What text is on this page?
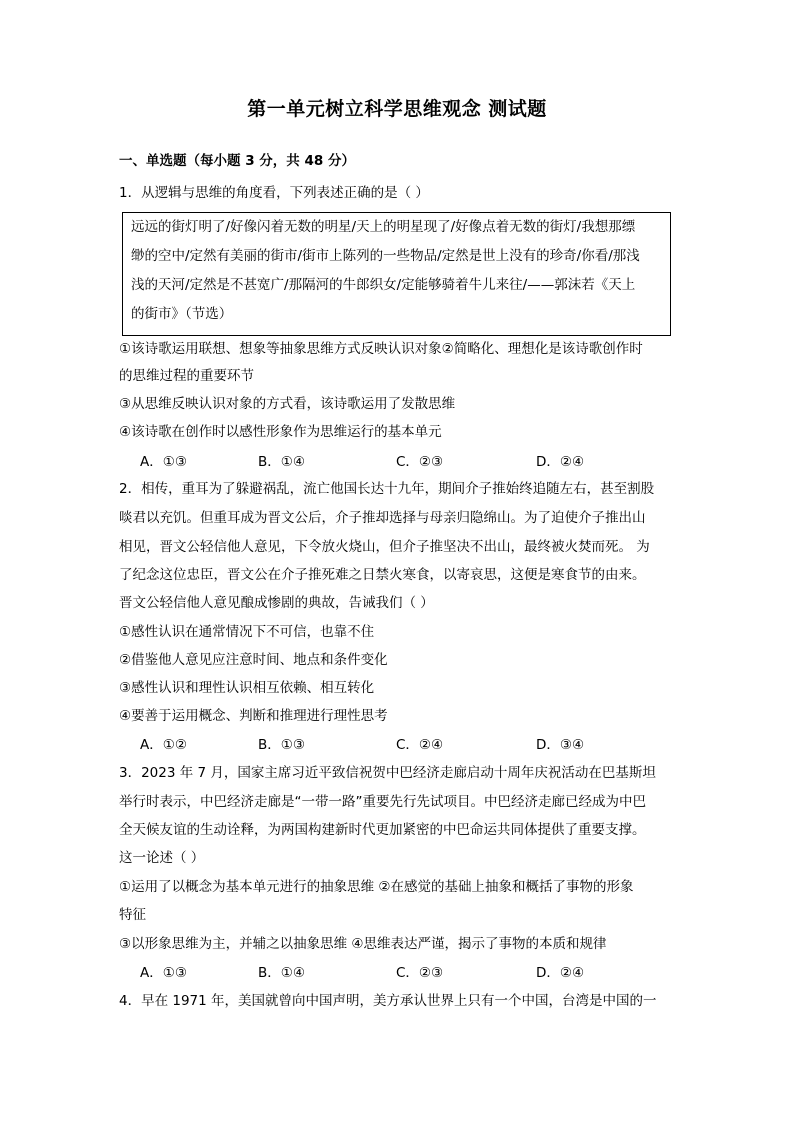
第一单元树立科学思维观念 测试题
一、单选题（每小题 3 分，共 48 分）
1．从逻辑与思维的角度看，下列表述正确的是（ ）
远远的街灯明了/好像闪着无数的明星/天上的明星现了/好像点着无数的街灯/我想那缥
缈的空中/定然有美丽的街市/街市上陈列的一些物品/定然是世上没有的珍奇/你看/那浅
浅的天河/定然是不甚宽广/那隔河的牛郎织女/定能够骑着牛儿来往/——郭沫若《天上
的街市》（节选）
①该诗歌运用联想、想象等抽象思维方式反映认识对象②简略化、理想化是该诗歌创作时
的思维过程的重要环节
③从思维反映认识对象的方式看，该诗歌运用了发散思维
④该诗歌在创作时以感性形象作为思维运行的基本单元
A．①③	B．①④	C．②③	D．②④
2．相传，重耳为了躲避祸乱，流亡他国长达十九年，期间介子推始终追随左右，甚至割股
啖君以充饥。但重耳成为晋文公后，介子推却选择与母亲归隐绵山。为了迫使介子推出山
相见，晋文公轻信他人意见，下令放火烧山，但介子推坚决不出山，最终被火焚而死。 为
了纪念这位忠臣，晋文公在介子推死难之日禁火寒食，以寄哀思，这便是寒食节的由来。
晋文公轻信他人意见酿成惨剧的典故，告诫我们（ ）
①感性认识在通常情况下不可信，也靠不住
②借鉴他人意见应注意时间、地点和条件变化
③感性认识和理性认识相互依赖、相互转化
④要善于运用概念、判断和推理进行理性思考
A．①②	B．①③	C．②④	D．③④
3．2023 年 7 月，国家主席习近平致信祝贺中巴经济走廊启动十周年庆祝活动在巴基斯坦
举行时表示，中巴经济走廊是“一带一路”重要先行先试项目。中巴经济走廊已经成为中巴
全天候友谊的生动诠释，为两国构建新时代更加紧密的中巴命运共同体提供了重要支撑。
这一论述（ ）
①运用了以概念为基本单元进行的抽象思维 ②在感觉的基础上抽象和概括了事物的形象
特征
③以形象思维为主，并辅之以抽象思维 ④思维表达严谨，揭示了事物的本质和规律
A．①③	B．①④	C．②③	D．②④
4．早在 1971 年，美国就曾向中国声明，美方承认世界上只有一个中国，台湾是中国的一
